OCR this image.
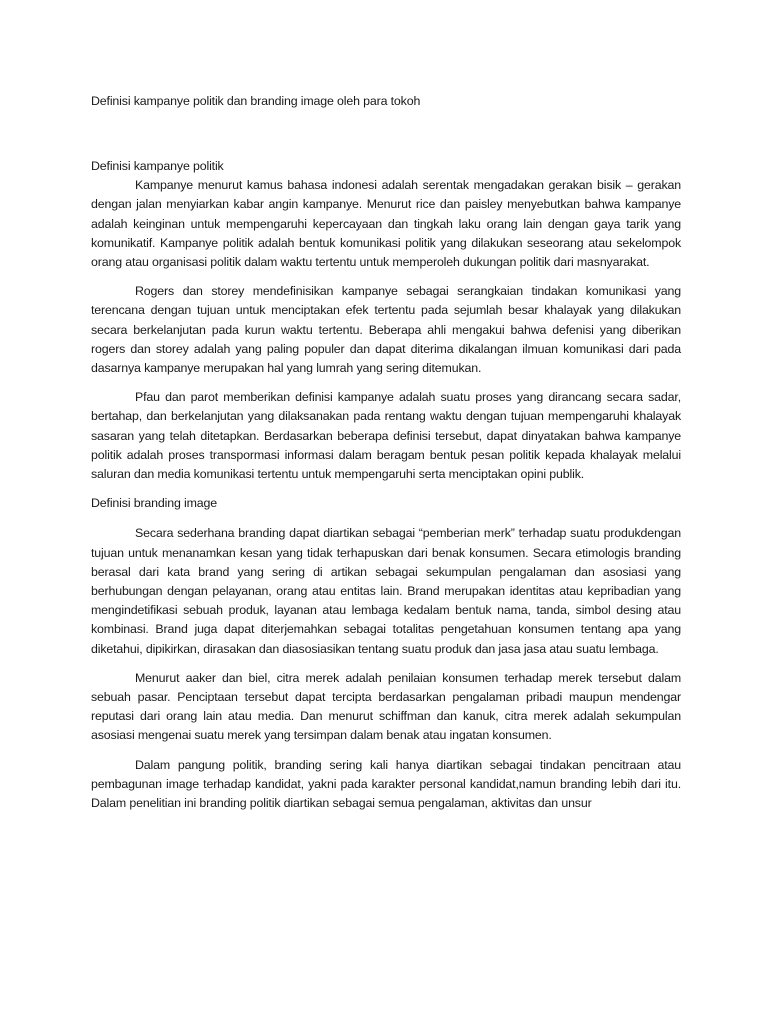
Definisi kampanye politik dan branding image oleh para tokoh
Definisi kampanye politik

Kampanye menurut kamus bahasa indonesi adalah serentak mengadakan gerakan bisik – gerakan dengan jalan menyiarkan kabar angin kampanye. Menurut rice dan paisley menyebutkan bahwa kampanye adalah keinginan untuk mempengaruhi kepercayaan dan tingkah laku orang lain dengan gaya tarik yang komunikatif. Kampanye politik adalah bentuk komunikasi politik yang dilakukan seseorang atau sekelompok orang atau organisasi politik dalam waktu tertentu untuk memperoleh dukungan politik dari masnyarakat.

Rogers dan storey mendefinisikan kampanye sebagai serangkaian tindakan komunikasi yang terencana dengan tujuan untuk menciptakan efek tertentu pada sejumlah besar khalayak yang dilakukan secara berkelanjutan pada kurun waktu tertentu. Beberapa ahli mengakui bahwa defenisi yang diberikan rogers dan storey adalah yang paling populer dan dapat diterima dikalangan ilmuan komunikasi dari pada dasarnya kampanye merupakan hal yang lumrah yang sering ditemukan.

Pfau dan parot memberikan definisi kampanye adalah suatu proses yang dirancang secara sadar, bertahap, dan berkelanjutan yang dilaksanakan pada rentang waktu dengan tujuan mempengaruhi khalayak sasaran yang telah ditetapkan. Berdasarkan beberapa definisi tersebut, dapat dinyatakan bahwa kampanye politik adalah proses transpormasi informasi dalam beragam bentuk pesan politik kepada khalayak melalui saluran dan media komunikasi tertentu untuk mempengaruhi serta menciptakan opini publik.

Definisi branding image

Secara sederhana branding dapat diartikan sebagai “pemberian merk” terhadap suatu produkdengan tujuan untuk menanamkan kesan yang tidak terhapuskan dari benak konsumen. Secara etimologis branding berasal dari kata brand yang sering di artikan sebagai sekumpulan pengalaman dan asosiasi yang berhubungan dengan pelayanan, orang atau entitas lain. Brand merupakan identitas atau kepribadian yang mengindetifikasi sebuah produk, layanan atau lembaga kedalam bentuk nama, tanda, simbol desing atau kombinasi. Brand juga dapat diterjemahkan sebagai totalitas pengetahuan konsumen tentang apa yang diketahui, dipikirkan, dirasakan dan diasosiasikan tentang suatu produk dan jasa jasa atau suatu lembaga.

Menurut aaker dan biel, citra merek adalah penilaian konsumen terhadap merek tersebut dalam sebuah pasar. Penciptaan tersebut dapat tercipta berdasarkan pengalaman pribadi maupun mendengar reputasi dari orang lain atau media. Dan menurut schiffman dan kanuk, citra merek adalah sekumpulan asosiasi mengenai suatu merek yang tersimpan dalam benak atau ingatan konsumen.

Dalam pangung politik, branding sering kali hanya diartikan sebagai tindakan pencitraan atau pembagunan image terhadap kandidat, yakni pada karakter personal kandidat,namun branding lebih dari itu. Dalam penelitian ini branding politik diartikan sebagai semua pengalaman, aktivitas dan unsur
